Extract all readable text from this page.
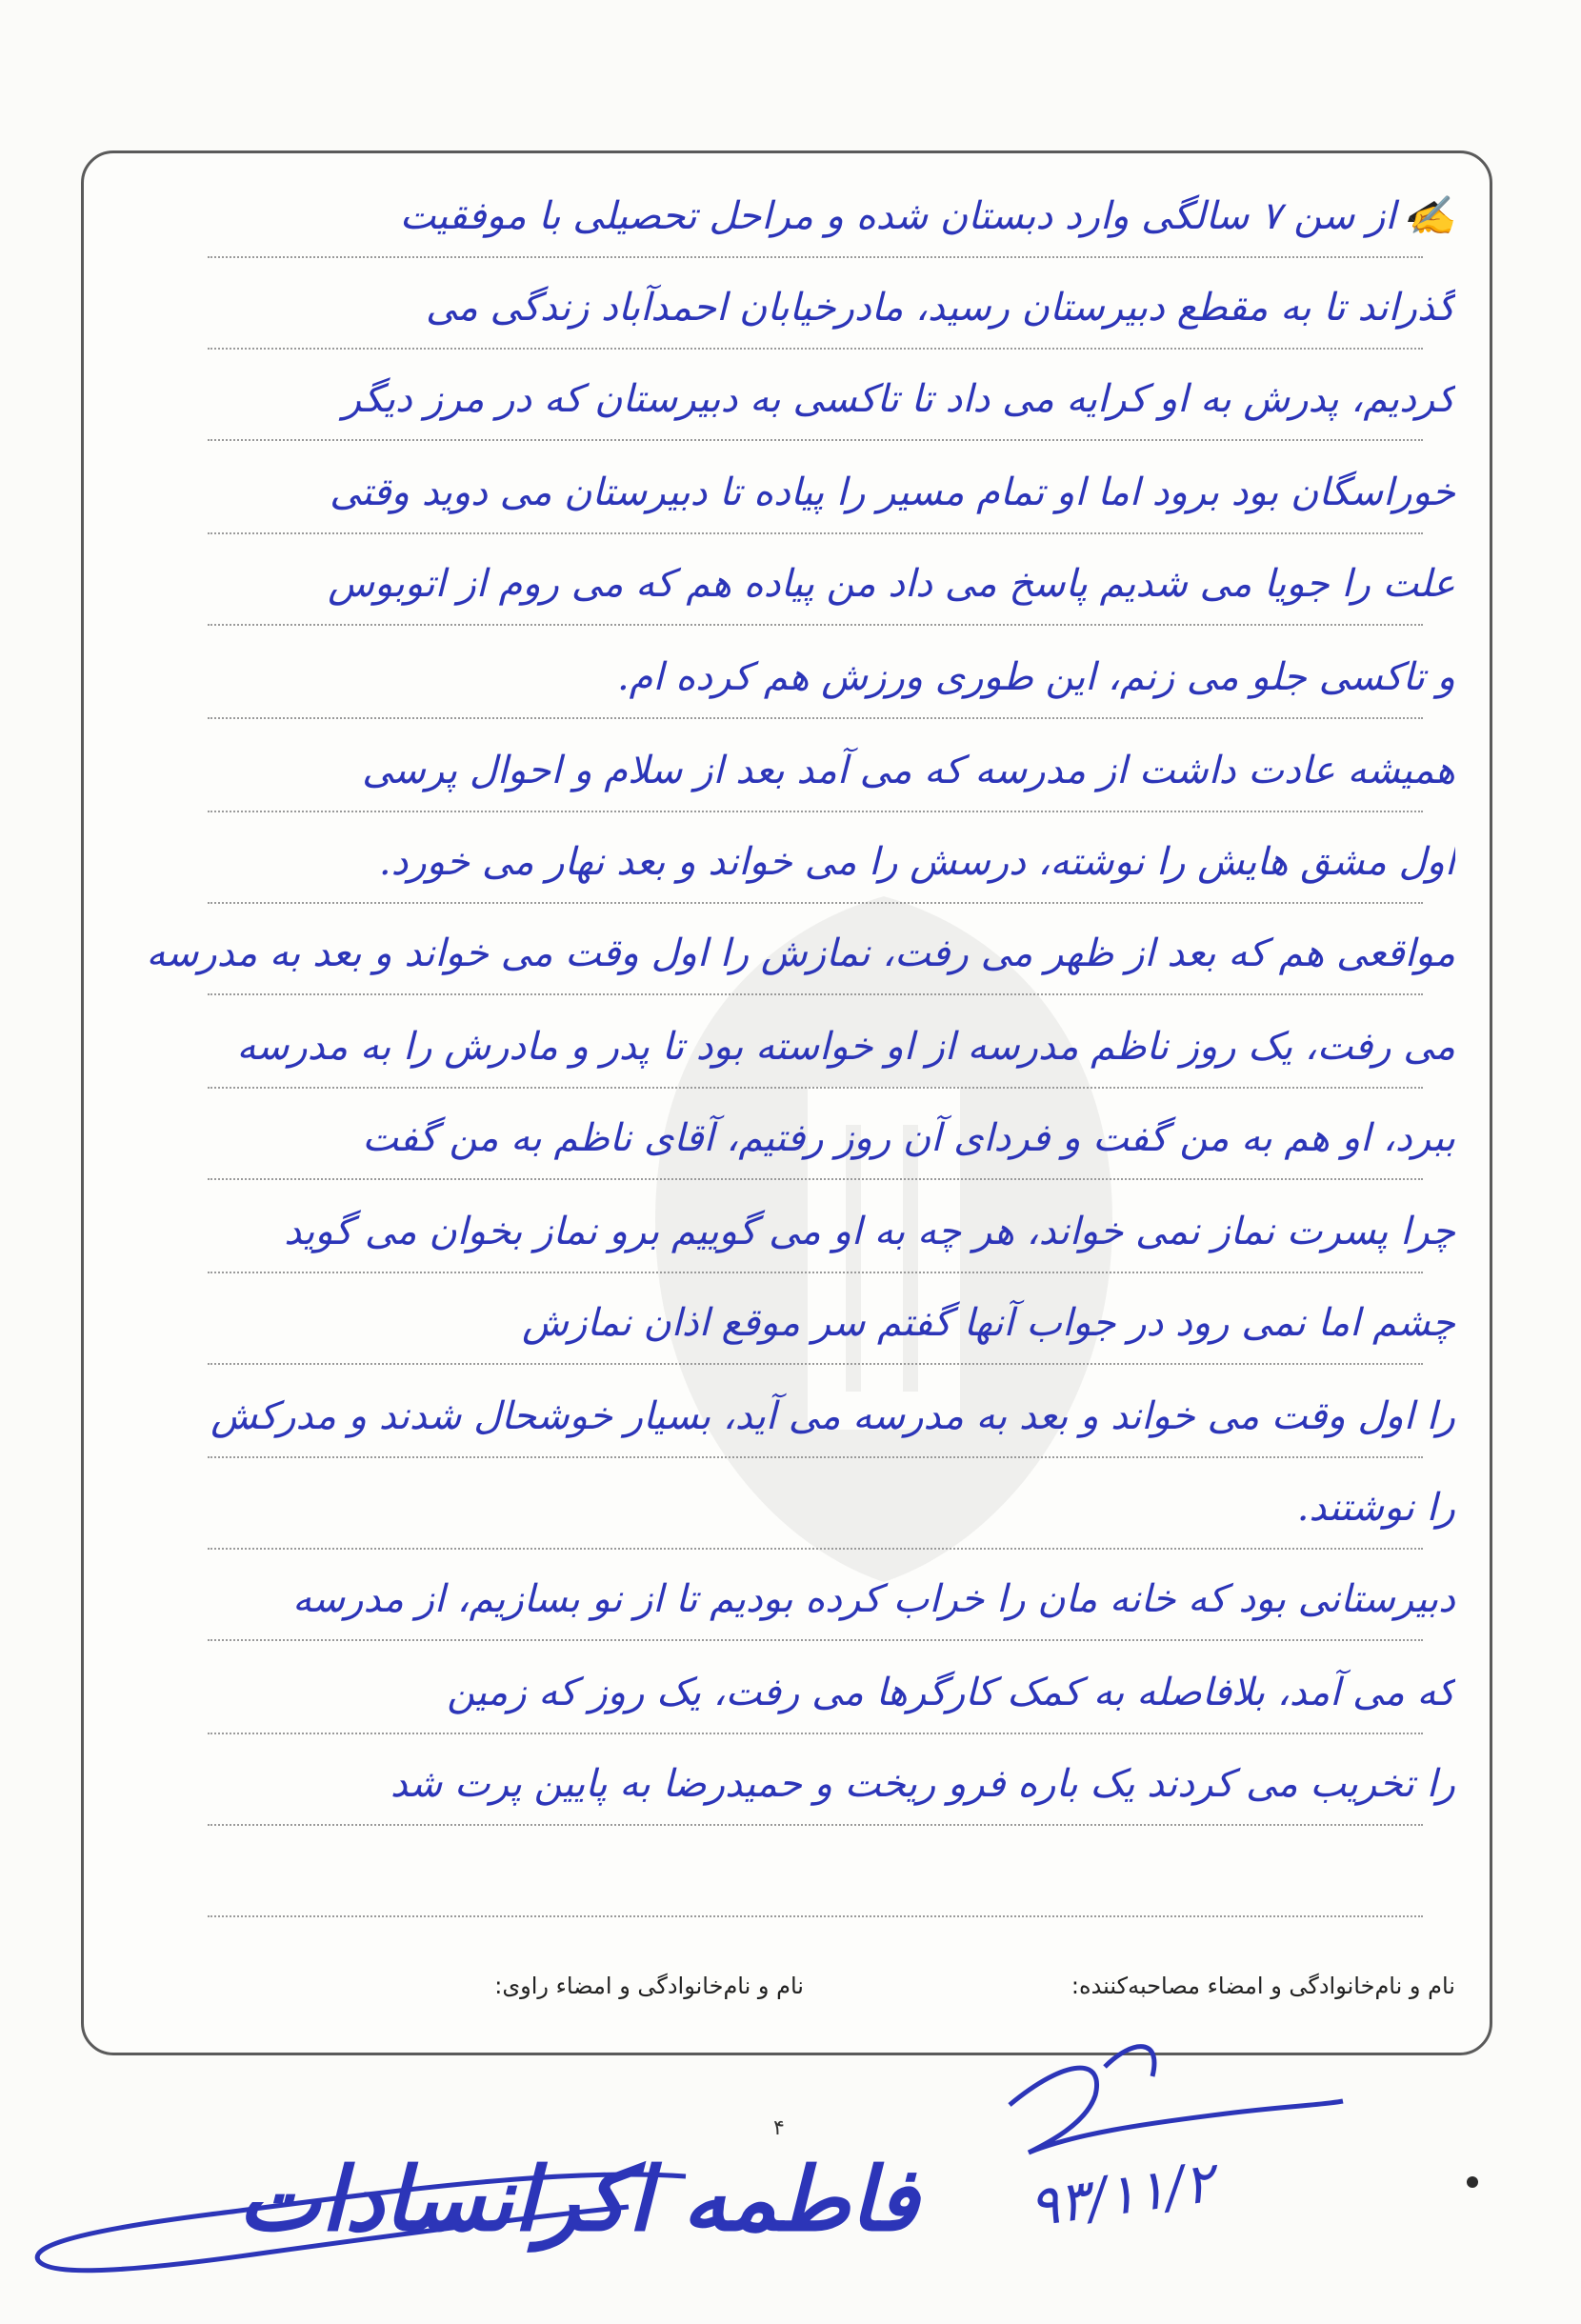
✍ از سن ۷ سالگی وارد دبستان شده و مراحل تحصیلی با موفقیت
گذراند تا به مقطع دبیرستان رسید، مادرخیابان احمدآباد زندگی می
کردیم، پدرش به او کرایه می داد تا تاکسی به دبیرستان که در مرز دیگر
خوراسگان بود برود اما او تمام مسیر را پیاده تا دبیرستان می دوید وقتی
علت را جویا می شدیم پاسخ می داد من پیاده هم که می روم از اتوبوس
و تاکسی جلو می زنم، این طوری ورزش هم کرده ام.
همیشه عادت داشت از مدرسه که می آمد بعد از سلام و احوال پرسی
اول مشق هایش را نوشته، درسش را می خواند و بعد نهار می خورد.
مواقعی هم که بعد از ظهر می رفت، نمازش را اول وقت می خواند و بعد به مدرسه
می رفت، یک روز ناظم مدرسه از او خواسته بود تا پدر و مادرش را به مدرسه
ببرد، او هم به من گفت و فردای آن روز رفتیم، آقای ناظم به من گفت
چرا پسرت نماز نمی خواند، هر چه به او می گوییم برو نماز بخوان می گوید
چشم اما نمی رود در جواب آنها گفتم سر موقع اذان نمازش
را اول وقت می خواند و بعد به مدرسه می آید، بسیار خوشحال شدند و مدرکش
را نوشتند.
دبیرستانی بود که خانه مان را خراب کرده بودیم تا از نو بسازیم، از مدرسه
که می آمد، بلافاصله به کمک کارگرها می رفت، یک روز که زمین
را تخریب می کردند یک باره فرو ریخت و حمیدرضا به پایین پرت شد
نام و نام‌خانوادگی و امضاء مصاحبه‌کننده:
نام و نام‌خانوادگی و امضاء راوی:
۴
فاطمه اکرانسادات ۹۳/۱۱/۲
